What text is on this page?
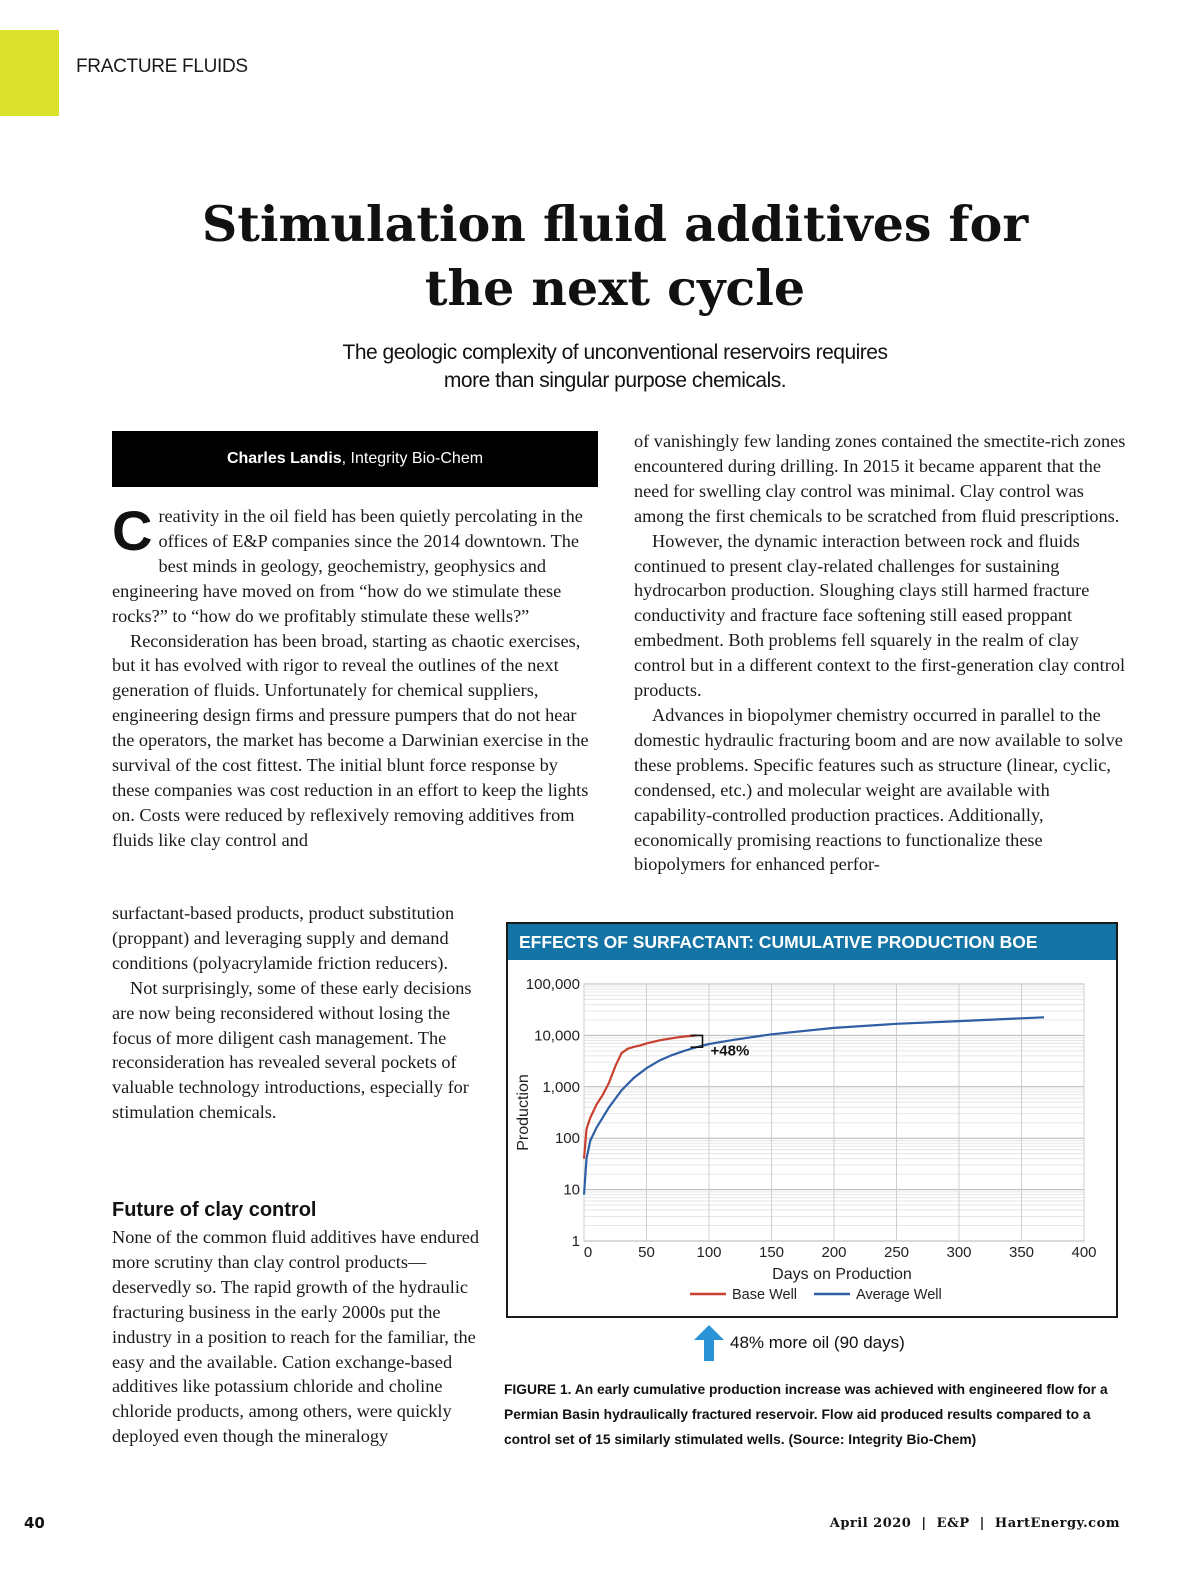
FRACTURE FLUIDS
Stimulation fluid additives for
the next cycle
The geologic complexity of unconventional reservoirs requires
more than singular purpose chemicals.
Charles Landis , Integrity Bio-Chem

Creativity in the oil field has been quietly percolating in the offices of E&P companies since the 2014 downtown. The best minds in geology, geochemistry, geophysics and engineering have moved on from “how do we stimulate these rocks?” to “how do we profitably stimulate these wells?”

Reconsideration has been broad, starting as chaotic exercises, but it has evolved with rigor to reveal the outlines of the next generation of fluids. Unfortunately for chemical suppliers, engineering design firms and pressure pumpers that do not hear the operators, the market has become a Darwinian exercise in the survival of the cost fittest. The initial blunt force response by these companies was cost reduction in an effort to keep the lights on. Costs were reduced by reflexively removing additives from fluids like clay control and

surfactant-based products, product substitution (proppant) and leveraging supply and demand conditions (polyacrylamide friction reducers).

Not surprisingly, some of these early decisions are now being reconsidered without losing the focus of more diligent cash management. The reconsideration has revealed several pockets of valuable technology introductions, especially for stimulation chemicals.

Future of clay control

None of the common fluid additives have endured more scrutiny than clay control products—deservedly so. The rapid growth of the hydraulic fracturing business in the early 2000s put the industry in a position to reach for the familiar, the easy and the available. Cation exchange-based additives like potassium chloride and choline chloride products, among others, were quickly deployed even though the mineralogy

of vanishingly few landing zones contained the smectite-rich zones encountered during drilling. In 2015 it became apparent that the need for swelling clay control was minimal. Clay control was among the first chemicals to be scratched from fluid prescriptions.

However, the dynamic interaction between rock and fluids continued to present clay-related challenges for sustaining hydrocarbon production. Sloughing clays still harmed fracture conductivity and fracture face softening still eased proppant embedment. Both problems fell squarely in the realm of clay control but in a different context to the first-generation clay control products.

Advances in biopolymer chemistry occurred in parallel to the domestic hydraulic fracturing boom and are now available to solve these problems. Specific features such as structure (linear, cyclic, condensed, etc.) and molecular weight are available with capability-controlled production practices. Additionally, economically promising reactions to functionalize these biopolymers for enhanced perfor-

1
10
100
1,000
10,000
100,000
0	50	100 150 200 250 300 350 400
Days on Production
Production
+48%
Base Well	Average Well
EFFECTS OF SURFACTANT: CUMULATIVE PRODUCTION BOE
48% more oil (90 days)
FIGURE 1. An early cumulative production increase was achieved with engineered flow for a Permian Basin hydraulically fractured reservoir. Flow aid produced results compared to a control set of 15 similarly stimulated wells. (Source: Integrity Bio-Chem)
40	April 2020  |  E&P  |  HartEnergy.com
